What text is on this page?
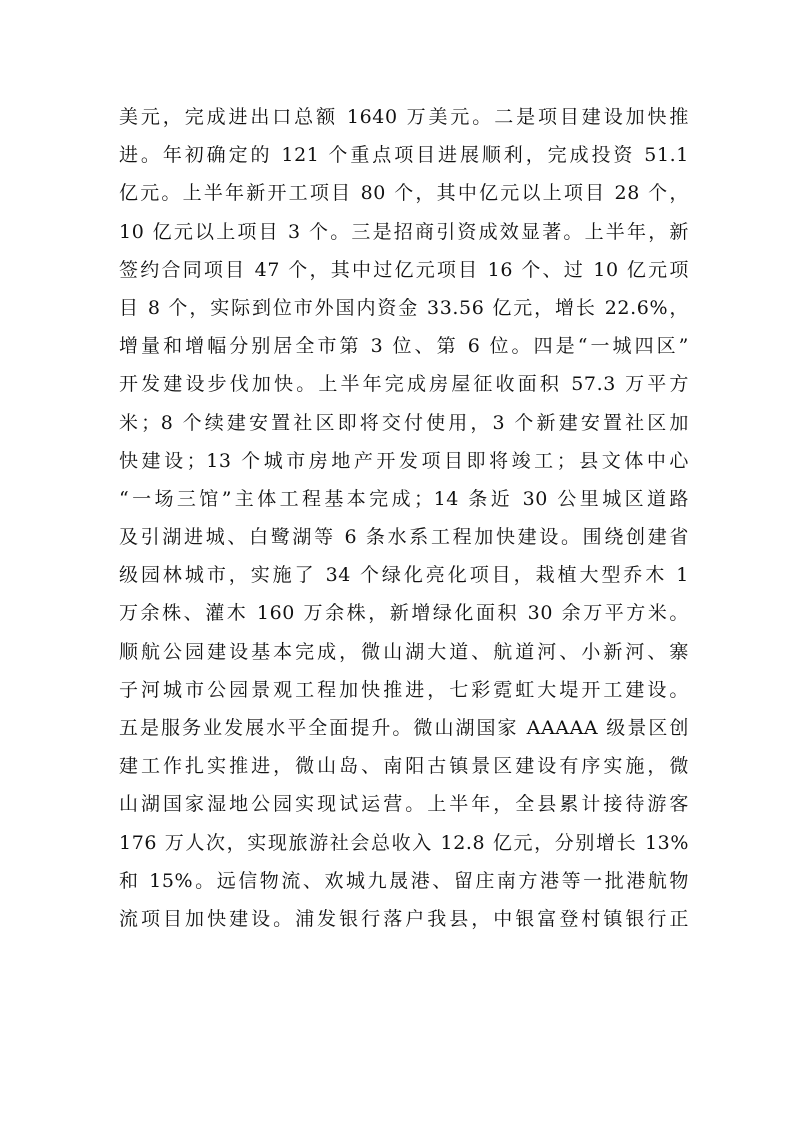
美元，完成进出口总额 1640 万美元。二是项目建设加快推
进。年初确定的 121 个重点项目进展顺利，完成投资 51.1
亿元。上半年新开工项目 80 个，其中亿元以上项目 28 个，
10 亿元以上项目 3 个。三是招商引资成效显著。上半年，新
签约合同项目 47 个，其中过亿元项目 16 个、过 10 亿元项
目 8 个，实际到位市外国内资金 33.56 亿元，增长 22.6%，
增量和增幅分别居全市第 3 位、第 6 位。四是“一城四区”
开发建设步伐加快。上半年完成房屋征收面积 57.3 万平方
米；8 个续建安置社区即将交付使用，3 个新建安置社区加
快建设；13 个城市房地产开发项目即将竣工；县文体中心
“一场三馆”主体工程基本完成；14 条近 30 公里城区道路
及引湖进城、白鹭湖等 6 条水系工程加快建设。围绕创建省
级园林城市，实施了 34 个绿化亮化项目，栽植大型乔木 1
万余株、灌木 160 万余株，新增绿化面积 30 余万平方米。
顺航公园建设基本完成，微山湖大道、航道河、小新河、寨
子河城市公园景观工程加快推进，七彩霓虹大堤开工建设。
五是服务业发展水平全面提升。微山湖国家 AAAAA 级景区创
建工作扎实推进，微山岛、南阳古镇景区建设有序实施，微
山湖国家湿地公园实现试运营。上半年，全县累计接待游客
176 万人次，实现旅游社会总收入 12.8 亿元，分别增长 13%
和 15%。远信物流、欢城九晟港、留庄南方港等一批港航物
流项目加快建设。浦发银行落户我县，中银富登村镇银行正
